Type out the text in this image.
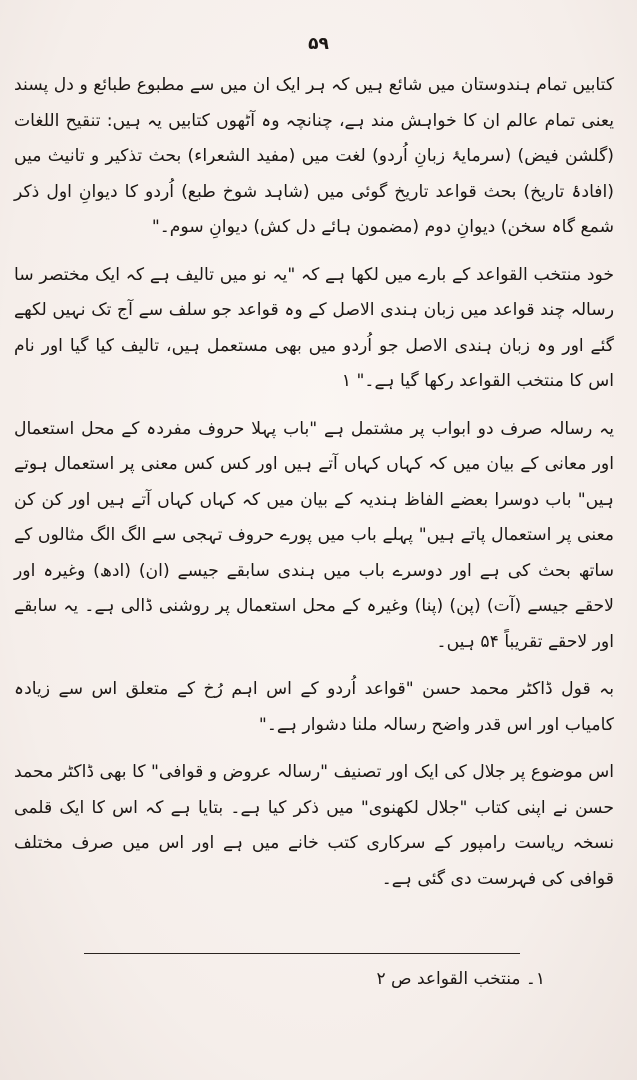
۵۹

کتابیں تمام ہندوستان میں شائع ہیں کہ ہر ایک ان میں سے مطبوع طبائع و دل پسند یعنی تمام عالم ان کا خواہش مند ہے، چنانچہ وہ آٹھوں کتابیں یہ ہیں: تنقیح اللغات (گلشن فیض) (سرمایۂ زبانِ اُردو) لغت میں (مفید الشعراء) بحث تذکیر و تانیث میں (افادۂ تاریخ) بحث قواعد تاریخ گوئی میں (شاہد شوخ طبع) اُردو کا دیوانِ اول ذکر شمع گاہ سخن) دیوانِ دوم (مضمون ہائے دل کش) دیوانِ سوم۔"

خود منتخب القواعد کے بارے میں لکھا ہے کہ "یہ نو میں تالیف ہے کہ ایک مختصر سا رسالہ چند قواعد میں زبان ہندی الاصل کے وہ قواعد جو سلف سے آج تک نہیں لکھے گئے اور وہ زبان ہندی الاصل جو اُردو میں بھی مستعمل ہیں، تالیف کیا گیا اور نام اس کا منتخب القواعد رکھا گیا ہے۔" ۱

یہ رسالہ صرف دو ابواب پر مشتمل ہے "باب پہلا حروف مفردہ کے محل استعمال اور معانی کے بیان میں کہ کہاں کہاں آتے ہیں اور کس کس معنی پر استعمال ہوتے ہیں" باب دوسرا بعضے الفاظ ہندیہ کے بیان میں کہ کہاں کہاں آتے ہیں اور کن کن معنی پر استعمال پاتے ہیں" پہلے باب میں پورے حروف تہجی سے الگ الگ مثالوں کے ساتھ بحث کی ہے اور دوسرے باب میں ہندی سابقے جیسے (ان) (ادھ) وغیرہ اور لاحقے جیسے (آت) (پن) (پنا) وغیرہ کے محل استعمال پر روشنی ڈالی ہے۔ یہ سابقے اور لاحقے تقریباً ۵۴ ہیں۔

بہ قول ڈاکٹر محمد حسن "قواعد اُردو کے اس اہم رُخ کے متعلق اس سے زیادہ کامیاب اور اس قدر واضح رسالہ ملنا دشوار ہے۔"

اس موضوع پر جلال کی ایک اور تصنیف "رسالہ عروض و قوافی" کا بھی ڈاکٹر محمد حسن نے اپنی کتاب "جلال لکھنوی" میں ذکر کیا ہے۔ بتایا ہے کہ اس کا ایک قلمی نسخہ ریاست رامپور کے سرکاری کتب خانے میں ہے اور اس میں صرف مختلف قوافی کی فہرست دی گئی ہے۔

۱۔ منتخب القواعد ص ۲
